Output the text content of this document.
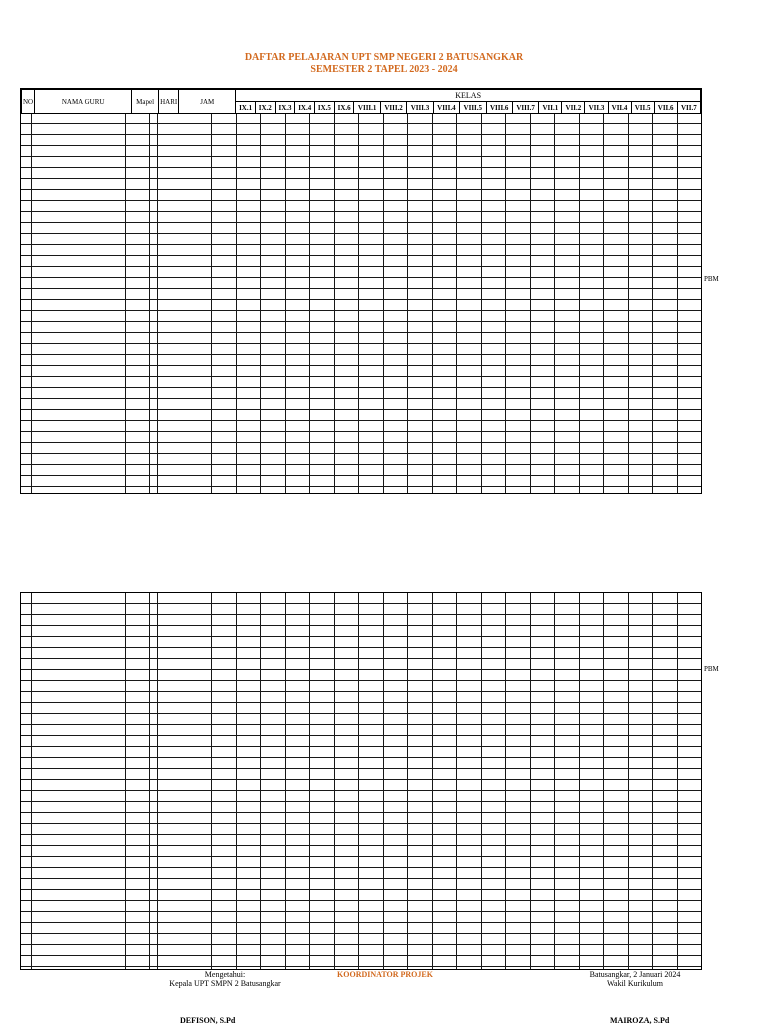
DAFTAR PELAJARAN UPT SMP NEGERI 2 BATUSANGKAR
SEMESTER 2 TAPEL 2023 - 2024
NO	NAMA GURU	Mapel	HARI	JAM	KELAS																			
					IX.1	IX.2	IX.3	IX.4	IX.5	IX.6	VIII.1	VIII.2	VIII.3	VIII.4	VIII.5	VIII.6	VIII.7	VII.1	VII.2	VII.3	VII.4	VII.5	VII.6	VII.7
PBM
PBM
Mengetahui:
Kepala UPT SMPN 2 Batusangkar
KOORDINATOR PROJEK	Batusangkar, 2 Januari 2024
Wakil Kurikulum
DEFISON, S.Pd	MAIROZA, S.Pd
